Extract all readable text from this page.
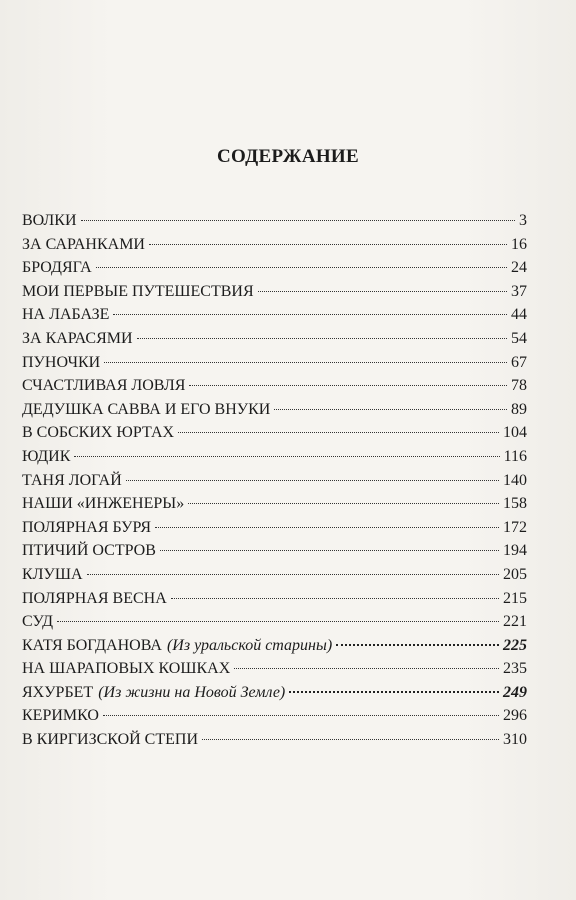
СОДЕРЖАНИЕ
ВОЛКИ	3
ЗА САРАНКАМИ	16
БРОДЯГА	24
МОИ ПЕРВЫЕ ПУТЕШЕСТВИЯ	37
НА ЛАБАЗЕ	44
ЗА КАРАСЯМИ	54
ПУНОЧКИ	67
СЧАСТЛИВАЯ ЛОВЛЯ	78
ДЕДУШКА САВВА И ЕГО ВНУКИ	89
В СОБСКИХ ЮРТАХ	104
ЮДИК	116
ТАНЯ ЛОГАЙ	140
НАШИ «ИНЖЕНЕРЫ»	158
ПОЛЯРНАЯ БУРЯ	172
ПТИЧИЙ ОСТРОВ	194
КЛУША	205
ПОЛЯРНАЯ ВЕСНА	215
СУД	221
КАТЯ БОГДАНОВА (Из уральской старины)	225
НА ШАРАПОВЫХ КОШКАХ	235
ЯХУРБЕТ (Из жизни на Новой Земле)	249
КЕРИМКО	296
В КИРГИЗСКОЙ СТЕПИ	310
